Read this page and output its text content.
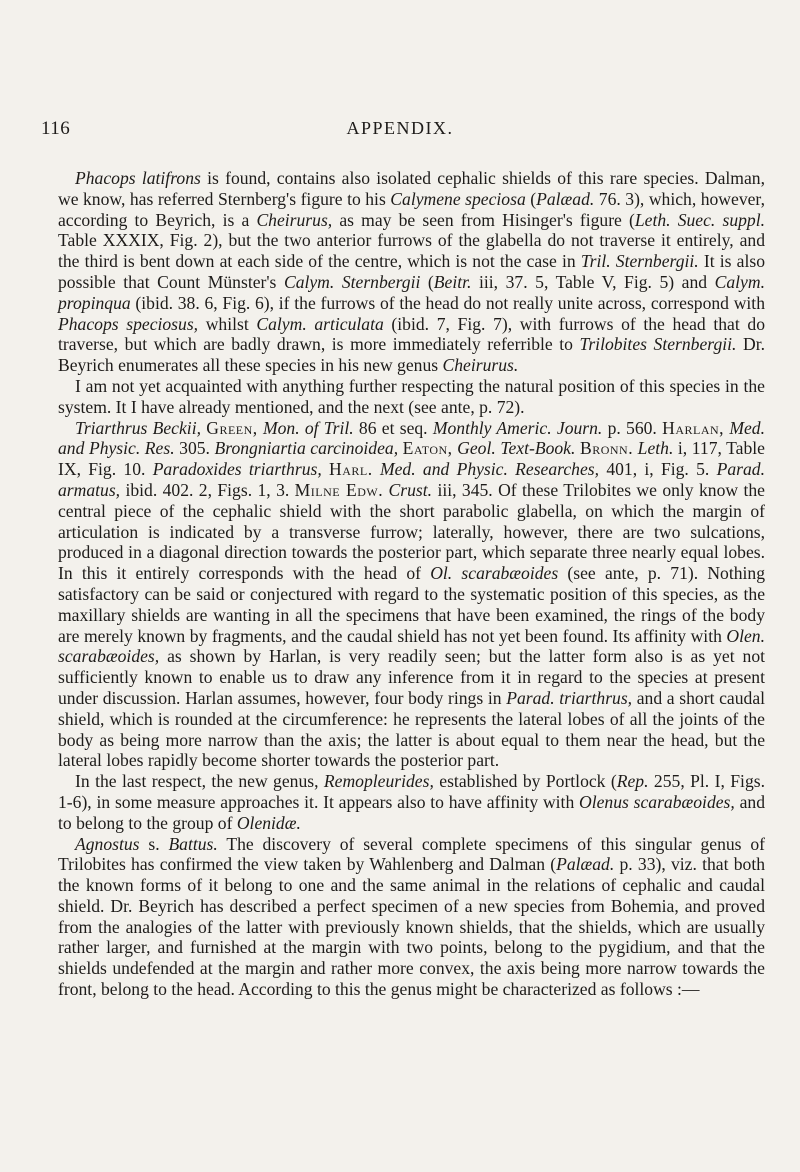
116	APPENDIX.

Phacops latifrons is found, contains also isolated cephalic shields of this rare species. Dalman, we know, has referred Sternberg's figure to his Calymene speciosa (Palæad. 76. 3), which, however, according to Beyrich, is a Cheirurus, as may be seen from Hisinger's figure (Leth. Suec. suppl. Table XXXIX, Fig. 2), but the two anterior furrows of the glabella do not traverse it entirely, and the third is bent down at each side of the centre, which is not the case in Tril. Sternbergii. It is also possible that Count Münster's Calym. Sternbergii (Beitr. iii, 37. 5, Table V, Fig. 5) and Calym. propinqua (ibid. 38. 6, Fig. 6), if the furrows of the head do not really unite across, correspond with Phacops speciosus, whilst Calym. articulata (ibid. 7, Fig. 7), with furrows of the head that do traverse, but which are badly drawn, is more immediately referrible to Trilobites Sternbergii. Dr. Beyrich enumerates all these species in his new genus Cheirurus.

I am not yet acquainted with anything further respecting the natural position of this species in the system. It I have already mentioned, and the next (see ante, p. 72).

Triarthrus Beckii, Green, Mon. of Tril. 86 et seq. Monthly Americ. Journ. p. 560. Harlan, Med. and Physic. Res. 305. Brongniartia carcinoidea, Eaton, Geol. Text-Book. Bronn. Leth. i, 117, Table IX, Fig. 10. Paradoxides triarthrus, Harl. Med. and Physic. Researches, 401, i, Fig. 5. Parad. armatus, ibid. 402. 2, Figs. 1, 3. Milne Edw. Crust. iii, 345. Of these Trilobites we only know the central piece of the cephalic shield with the short parabolic glabella, on which the margin of articulation is indicated by a transverse furrow; laterally, however, there are two sulcations, produced in a diagonal direction towards the posterior part, which separate three nearly equal lobes. In this it entirely corresponds with the head of Ol. scarabæoides (see ante, p. 71). Nothing satisfactory can be said or conjectured with regard to the systematic position of this species, as the maxillary shields are wanting in all the specimens that have been examined, the rings of the body are merely known by fragments, and the caudal shield has not yet been found. Its affinity with Olen. scarabæoides, as shown by Harlan, is very readily seen; but the latter form also is as yet not sufficiently known to enable us to draw any inference from it in regard to the species at present under discussion. Harlan assumes, however, four body rings in Parad. triarthrus, and a short caudal shield, which is rounded at the circumference: he represents the lateral lobes of all the joints of the body as being more narrow than the axis; the latter is about equal to them near the head, but the lateral lobes rapidly become shorter towards the posterior part.

In the last respect, the new genus, Remopleurides, established by Portlock (Rep. 255, Pl. I, Figs. 1-6), in some measure approaches it. It appears also to have affinity with Olenus scarabæoides, and to belong to the group of Olenidæ.

Agnostus s. Battus. The discovery of several complete specimens of this singular genus of Trilobites has confirmed the view taken by Wahlenberg and Dalman (Palæad. p. 33), viz. that both the known forms of it belong to one and the same animal in the relations of cephalic and caudal shield. Dr. Beyrich has described a perfect specimen of a new species from Bohemia, and proved from the analogies of the latter with previously known shields, that the shields, which are usually rather larger, and furnished at the margin with two points, belong to the pygidium, and that the shields undefended at the margin and rather more convex, the axis being more narrow towards the front, belong to the head. According to this the genus might be characterized as follows :—
